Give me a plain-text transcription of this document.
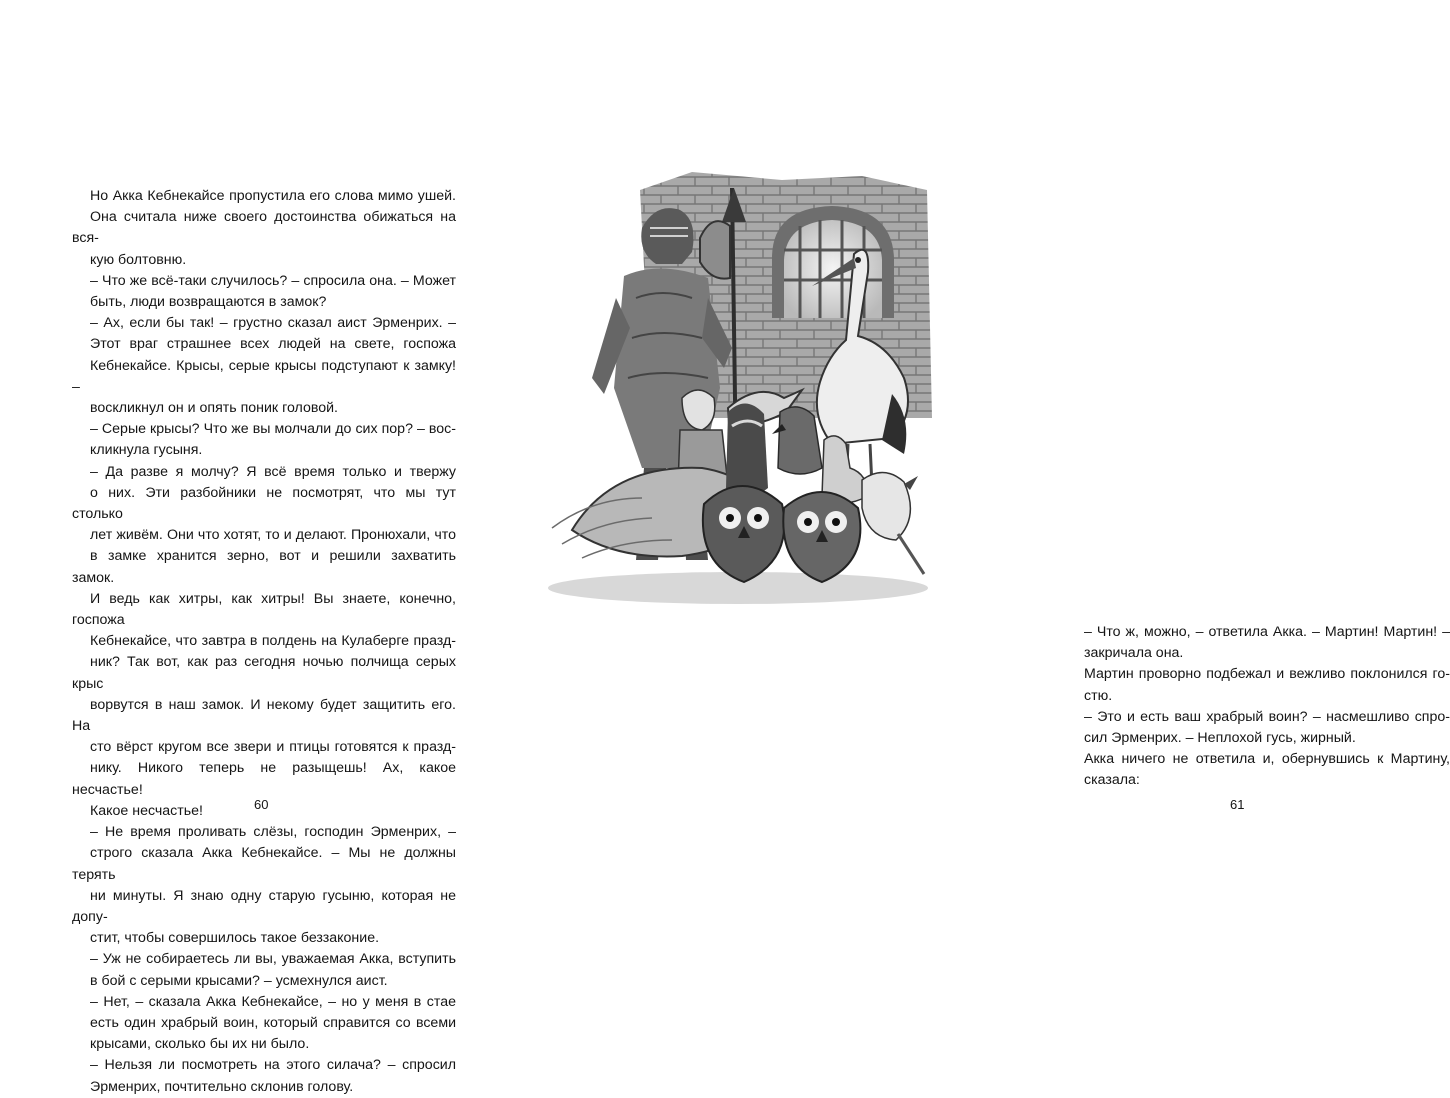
Но Акка Кебнекайсе пропустила его слова мимо ушей.
Она считала ниже своего достоинства обижаться на вся-
кую болтовню.

– Что же всё-таки случилось? – спросила она. – Может
быть, люди возвращаются в замок?

– Ах, если бы так! – грустно сказал аист Эрменрих. –
Этот враг страшнее всех людей на свете, госпожа
Кебнекайсе. Крысы, серые крысы подступают к замку! –
воскликнул он и опять поник головой.

– Серые крысы? Что же вы молчали до сих пор? – вос-
кликнула гусыня.

– Да разве я молчу? Я всё время только и твержу
о них. Эти разбойники не посмотрят, что мы тут столько
лет живём. Они что хотят, то и делают. Пронюхали, что
в замке хранится зерно, вот и решили захватить замок.
И ведь как хитры, как хитры! Вы знаете, конечно, госпожа
Кебнекайсе, что завтра в полдень на Кулаберге празд-
ник? Так вот, как раз сегодня ночью полчища серых крыс
ворвутся в наш замок. И некому будет защитить его. На
сто вёрст кругом все звери и птицы готовятся к празд-
нику. Никого теперь не разыщешь! Ах, какое несчастье!
Какое несчастье!

– Не время проливать слёзы, господин Эрменрих, –
строго сказала Акка Кебнекайсе. – Мы не должны терять
ни минуты. Я знаю одну старую гусыню, которая не допу-
стит, чтобы совершилось такое беззаконие.

– Уж не собираетесь ли вы, уважаемая Акка, вступить
в бой с серыми крысами? – усмехнулся аист.

– Нет, – сказала Акка Кебнекайсе, – но у меня в стае
есть один храбрый воин, который справится со всеми
крысами, сколько бы их ни было.

– Нельзя ли посмотреть на этого силача? – спросил
Эрменрих, почтительно склонив голову.

60

– Что ж, можно, – ответила Акка. – Мартин! Мартин! –
закричала она.

Мартин проворно подбежал и вежливо поклонился го-
стю.

– Это и есть ваш храбрый воин? – насмешливо спро-
сил Эрменрих. – Неплохой гусь, жирный.

Акка ничего не ответила и, обернувшись к Мартину,
сказала:

61
